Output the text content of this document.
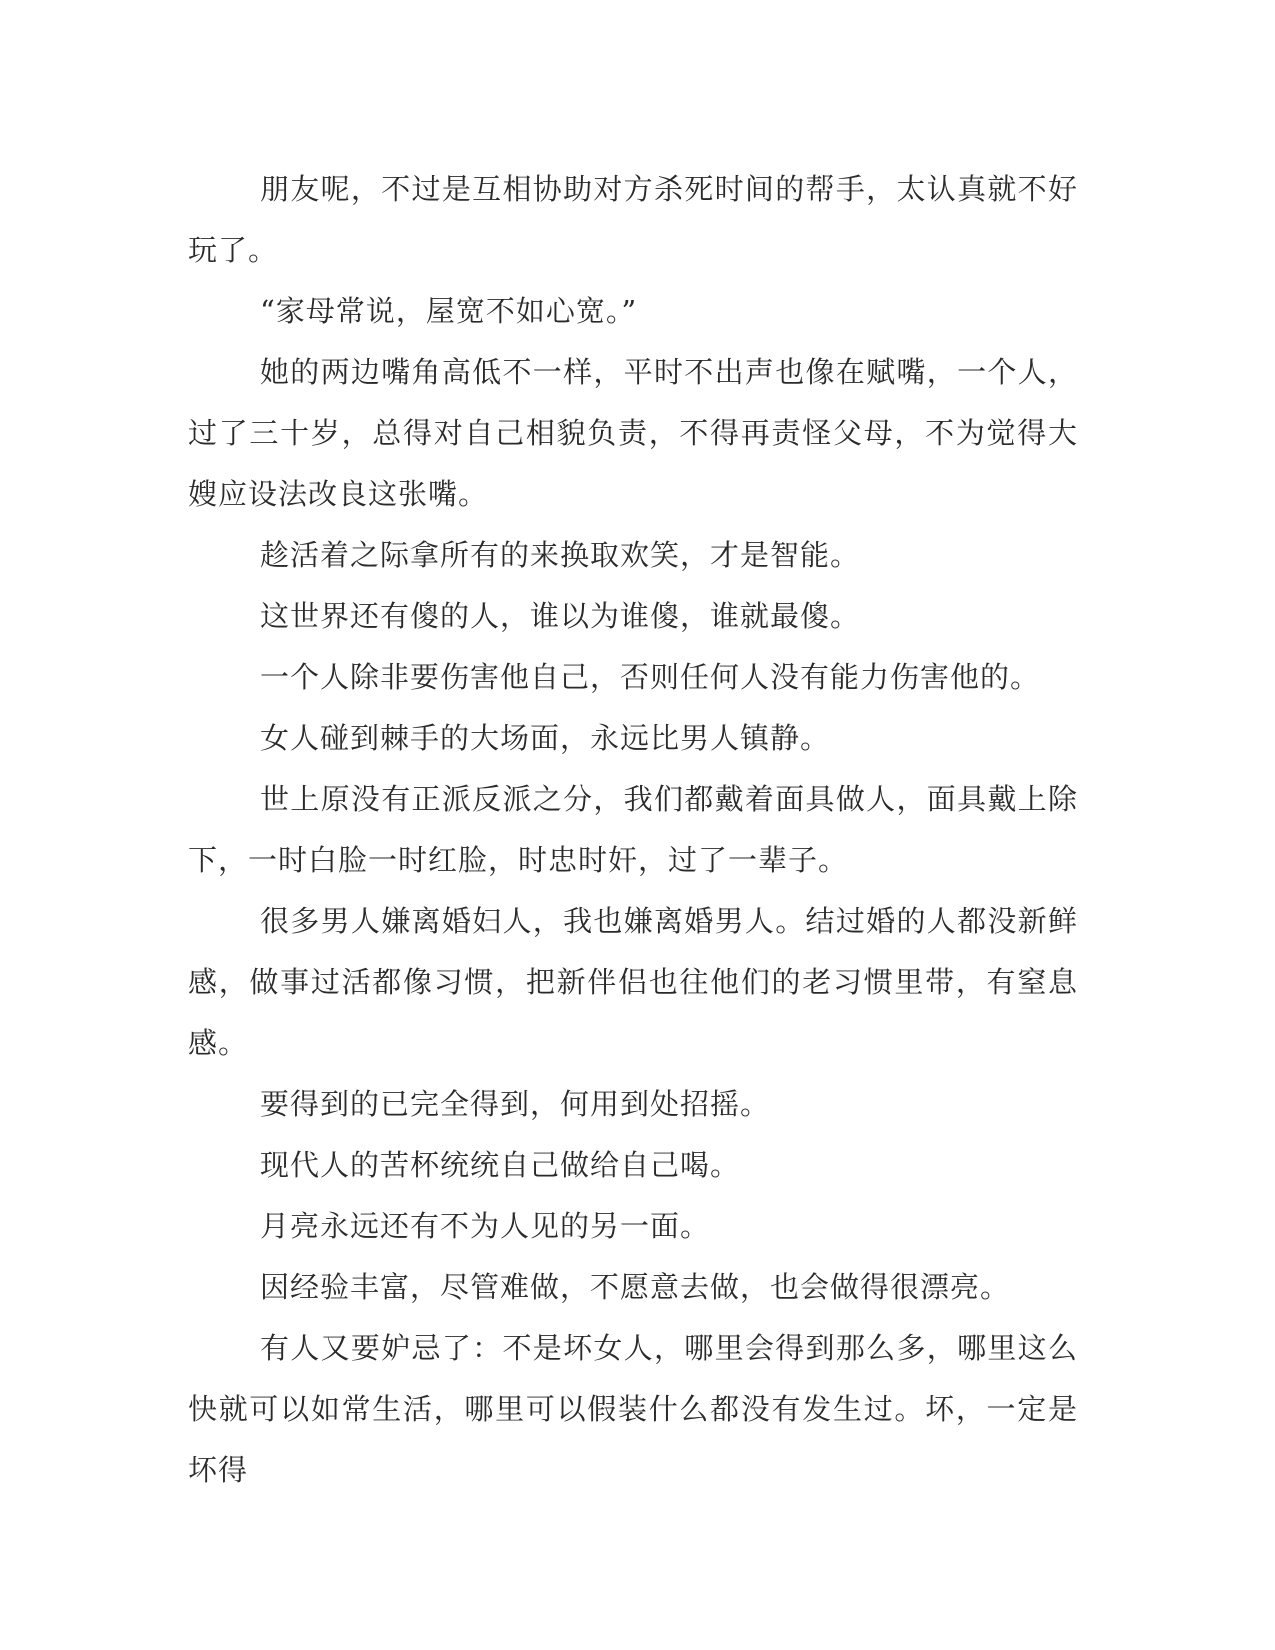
朋友呢，不过是互相协助对方杀死时间的帮手，太认真就不好玩了。

“家母常说，屋宽不如心宽。”

她的两边嘴角高低不一样，平时不出声也像在赋嘴，一个人，过了三十岁，总得对自己相貌负责，不得再责怪父母，不为觉得大嫂应设法改良这张嘴。

趁活着之际拿所有的来换取欢笑，才是智能。

这世界还有傻的人，谁以为谁傻，谁就最傻。

一个人除非要伤害他自己，否则任何人没有能力伤害他的。

女人碰到棘手的大场面，永远比男人镇静。

世上原没有正派反派之分，我们都戴着面具做人，面具戴上除下，一时白脸一时红脸，时忠时奸，过了一辈子。

很多男人嫌离婚妇人，我也嫌离婚男人。结过婚的人都没新鲜感，做事过活都像习惯，把新伴侣也往他们的老习惯里带，有窒息感。

要得到的已完全得到，何用到处招摇。

现代人的苦杯统统自己做给自己喝。

月亮永远还有不为人见的另一面。

因经验丰富，尽管难做，不愿意去做，也会做得很漂亮。

有人又要妒忌了：不是坏女人，哪里会得到那么多，哪里这么快就可以如常生活，哪里可以假装什么都没有发生过。坏，一定是坏得
